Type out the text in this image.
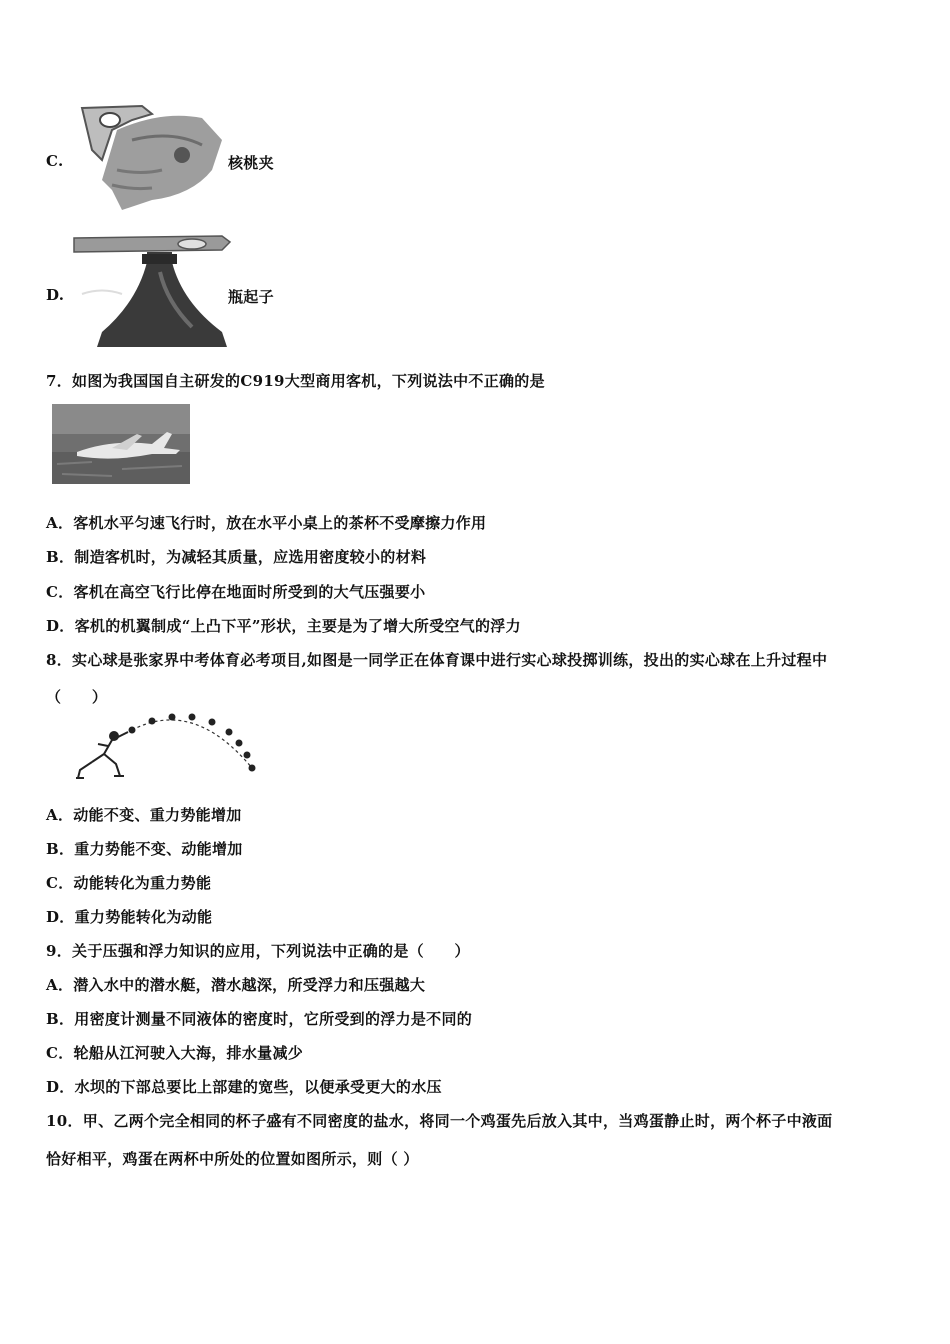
C.	核桃夹
D.	瓶起子
7．如图为我国国自主研发的C919大型商用客机，下列说法中不正确的是
A．客机水平匀速飞行时，放在水平小桌上的茶杯不受摩擦力作用
B．制造客机时，为减轻其质量，应选用密度较小的材料
C．客机在高空飞行比停在地面时所受到的大气压强要小
D．客机的机翼制成“上凸下平”形状，主要是为了增大所受空气的浮力
8．实心球是张家界中考体育必考项目,如图是一同学正在体育课中进行实心球投掷训练，投出的实心球在上升过程中
（　　）
A．动能不变、重力势能增加
B．重力势能不变、动能增加
C．动能转化为重力势能
D．重力势能转化为动能
9．关于压强和浮力知识的应用，下列说法中正确的是（　　）
A．潜入水中的潜水艇，潜水越深，所受浮力和压强越大
B．用密度计测量不同液体的密度时，它所受到的浮力是不同的
C．轮船从江河驶入大海，排水量减少
D．水坝的下部总要比上部建的宽些，以便承受更大的水压
10．甲、乙两个完全相同的杯子盛有不同密度的盐水，将同一个鸡蛋先后放入其中，当鸡蛋静止时，两个杯子中液面
恰好相平，鸡蛋在两杯中所处的位置如图所示，则（ ）
